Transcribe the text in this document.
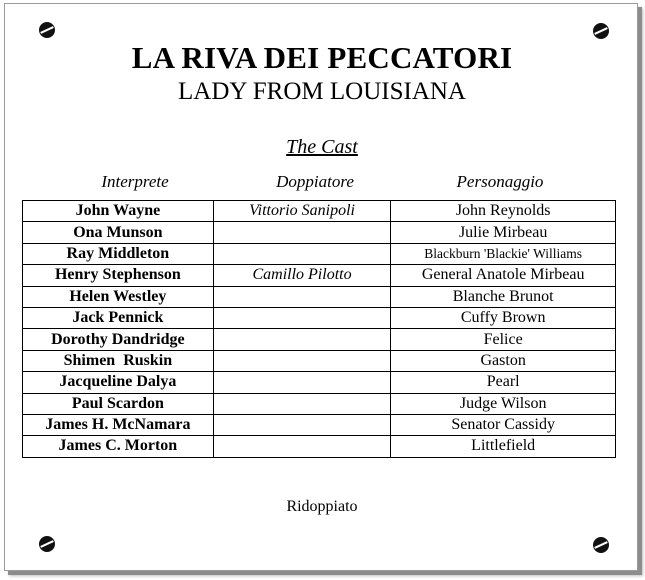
LA RIVA DEI PECCATORI
LADY FROM LOUISIANA
The Cast
Interprete	Doppiatore	Personaggio
John Wayne	Vittorio Sanipoli	John Reynolds
Ona Munson		Julie Mirbeau
Ray Middleton		Blackburn 'Blackie' Williams
Henry Stephenson	Camillo Pilotto	General Anatole Mirbeau
Helen Westley		Blanche Brunot
Jack Pennick		Cuffy Brown
Dorothy Dandridge		Felice
Shimen  Ruskin		Gaston
Jacqueline Dalya		Pearl
Paul Scardon		Judge Wilson
James H. McNamara		Senator Cassidy
James C. Morton		Littlefield
Ridoppiato
